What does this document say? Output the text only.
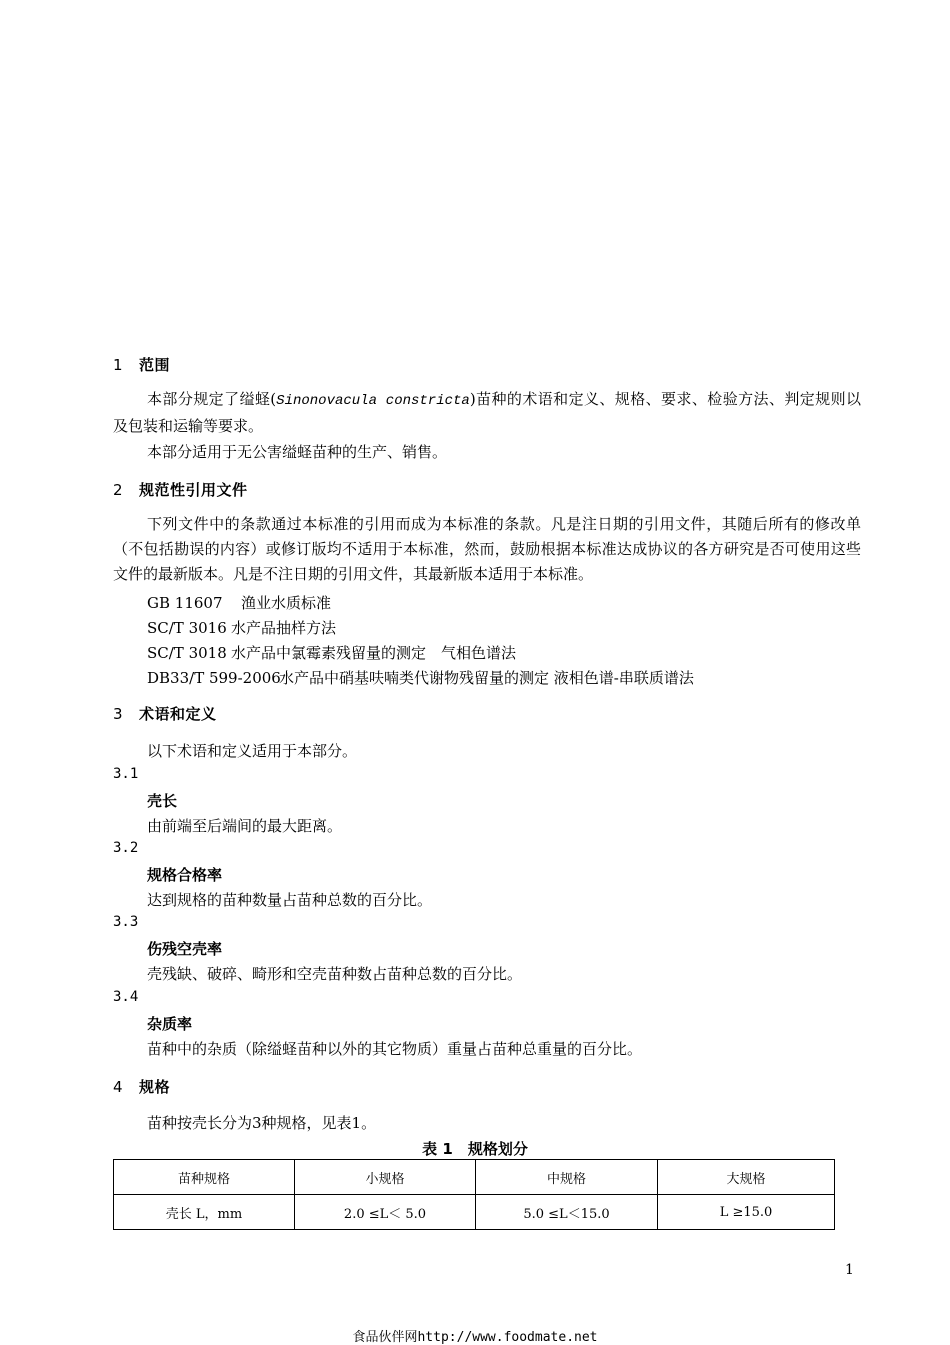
1 范围
本部分规定了缢蛏(Sinonovacula constricta)苗种的术语和定义、规格、要求、检验方法、判定规则以及包装和运输等要求。
本部分适用于无公害缢蛏苗种的生产、销售。
2 规范性引用文件
下列文件中的条款通过本标准的引用而成为本标准的条款。凡是注日期的引用文件，其随后所有的修改单（不包括勘误的内容）或修订版均不适用于本标准，然而，鼓励根据本标准达成协议的各方研究是否可使用这些文件的最新版本。凡是不注日期的引用文件，其最新版本适用于本标准。
GB 11607 渔业水质标准
SC/T 3016 水产品抽样方法
SC/T 3018 水产品中氯霉素残留量的测定　气相色谱法
DB33/T 599-2006水产品中硝基呋喃类代谢物残留量的测定 液相色谱-串联质谱法
3 术语和定义
以下术语和定义适用于本部分。
3.1
壳长
由前端至后端间的最大距离。
3.2
规格合格率
达到规格的苗种数量占苗种总数的百分比。
3.3
伤残空壳率
壳残缺、破碎、畸形和空壳苗种数占苗种总数的百分比。
3.4
杂质率
苗种中的杂质（除缢蛏苗种以外的其它物质）重量占苗种总重量的百分比。
4 规格
苗种按壳长分为3种规格，见表1。
表 1　规格划分
苗种规格	小规格	中规格	大规格
壳长 L，mm	2.0 ≤L＜ 5.0	5.0 ≤L＜15.0	L ≥15.0
1
食品伙伴网http://www.foodmate.net
